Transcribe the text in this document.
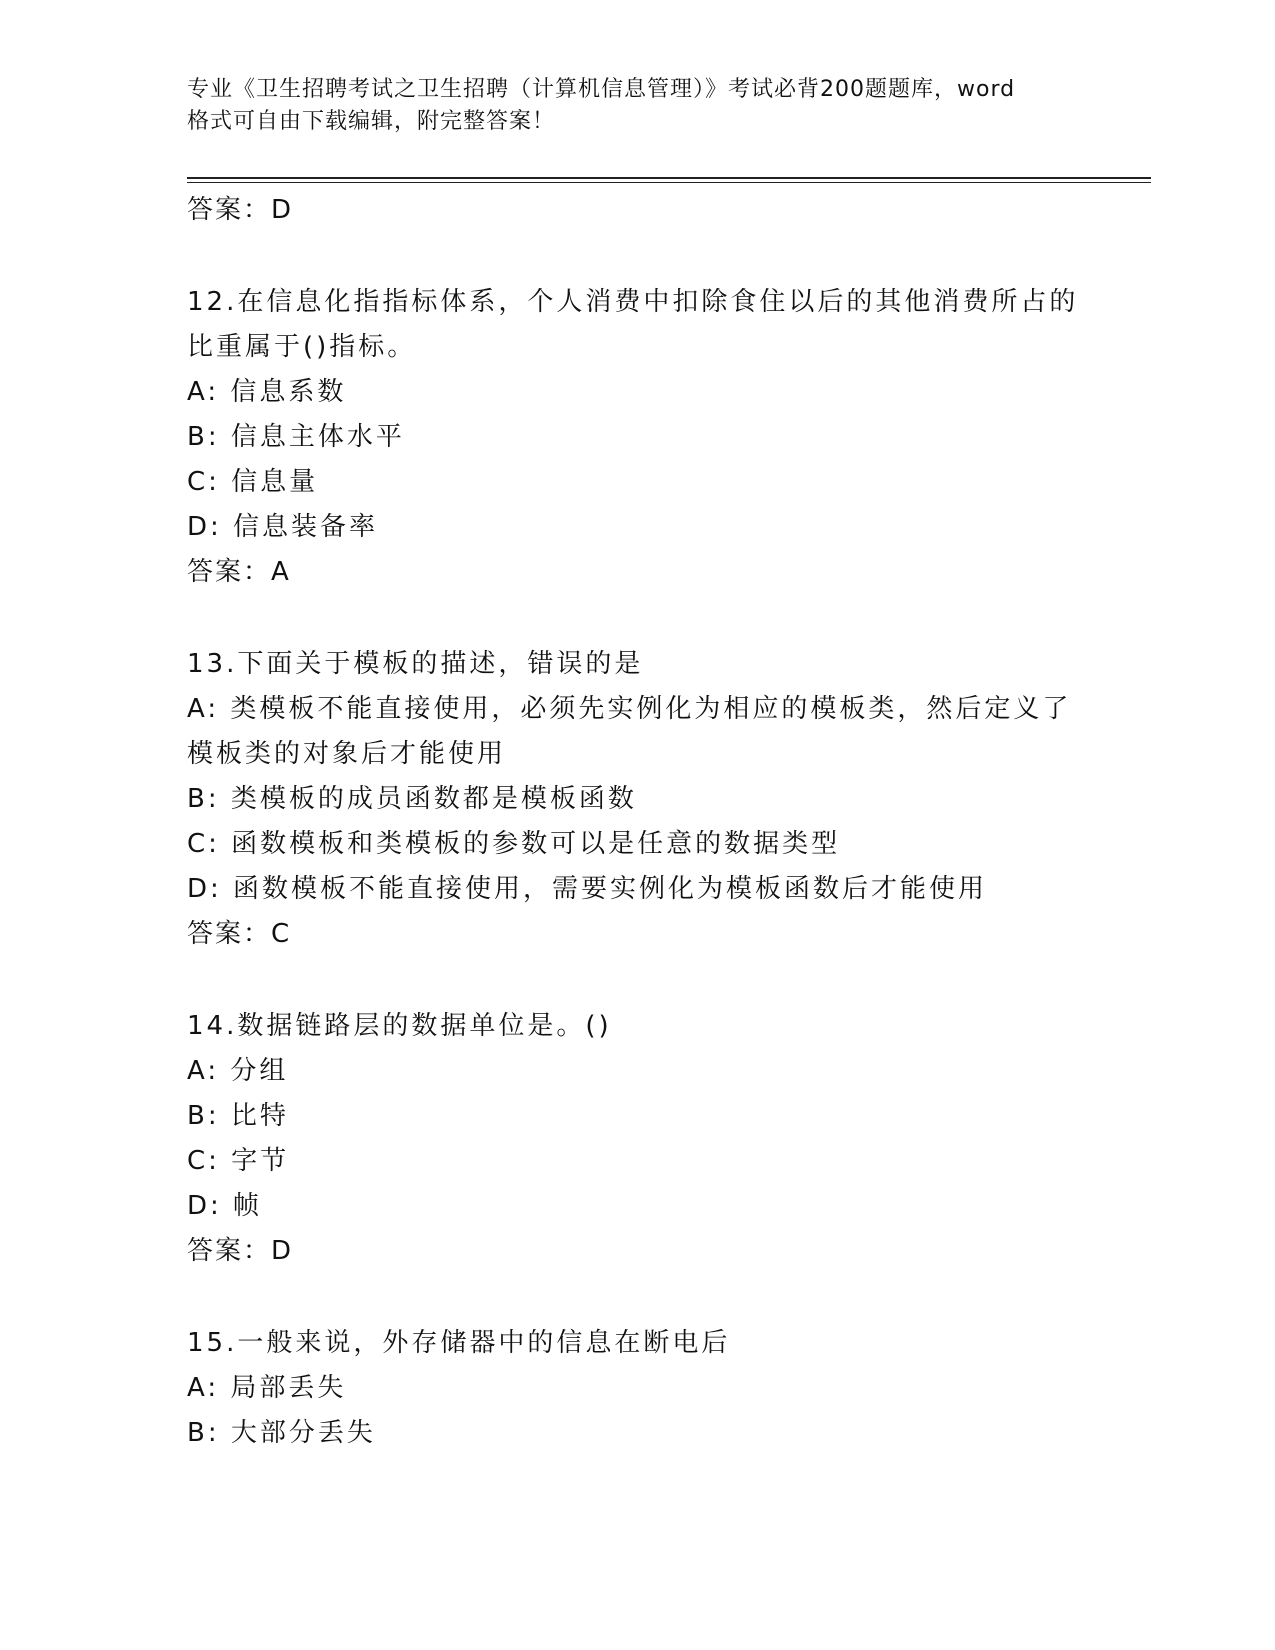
专业《卫生招聘考试之卫生招聘（计算机信息管理）》考试必背200题题库，word
格式可自由下载编辑，附完整答案！
答案：D
12.在信息化指指标体系，个人消费中扣除食住以后的其他消费所占的
比重属于()指标。
A: 信息系数
B: 信息主体水平
C: 信息量
D: 信息装备率
答案：A
13.下面关于模板的描述，错误的是
A: 类模板不能直接使用，必须先实例化为相应的模板类，然后定义了
模板类的对象后才能使用
B: 类模板的成员函数都是模板函数
C: 函数模板和类模板的参数可以是任意的数据类型
D: 函数模板不能直接使用，需要实例化为模板函数后才能使用
答案：C
14.数据链路层的数据单位是。()
A: 分组
B: 比特
C: 字节
D: 帧
答案：D
15.一般来说，外存储器中的信息在断电后
A: 局部丢失
B: 大部分丢失
